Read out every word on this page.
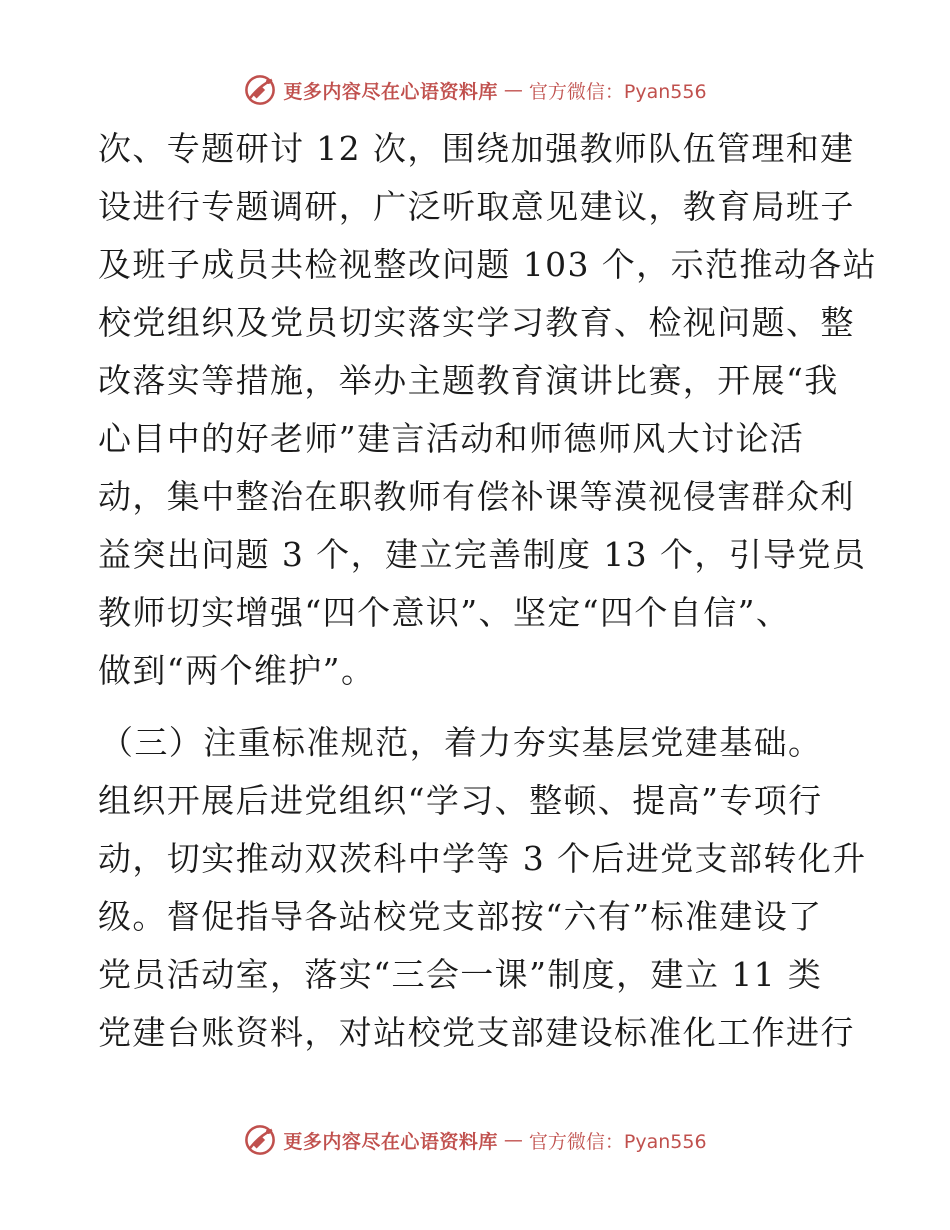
更多内容尽在心语资料库 — 官方微信：Pyan556
次、专题研讨 12 次，围绕加强教师队伍管理和建
设进行专题调研，广泛听取意见建议，教育局班子
及班子成员共检视整改问题 103 个，示范推动各站
校党组织及党员切实落实学习教育、检视问题、整
改落实等措施，举办主题教育演讲比赛，开展“我
心目中的好老师”建言活动和师德师风大讨论活
动，集中整治在职教师有偿补课等漠视侵害群众利
益突出问题 3 个，建立完善制度 13 个，引导党员
教师切实增强“四个意识”、坚定“四个自信”、
做到“两个维护”。
（三）注重标准规范，着力夯实基层党建基础。
组织开展后进党组织“学习、整顿、提高”专项行
动，切实推动双茨科中学等 3 个后进党支部转化升
级。督促指导各站校党支部按“六有”标准建设了
党员活动室，落实“三会一课”制度，建立 11 类
党建台账资料，对站校党支部建设标准化工作进行
更多内容尽在心语资料库 — 官方微信：Pyan556
